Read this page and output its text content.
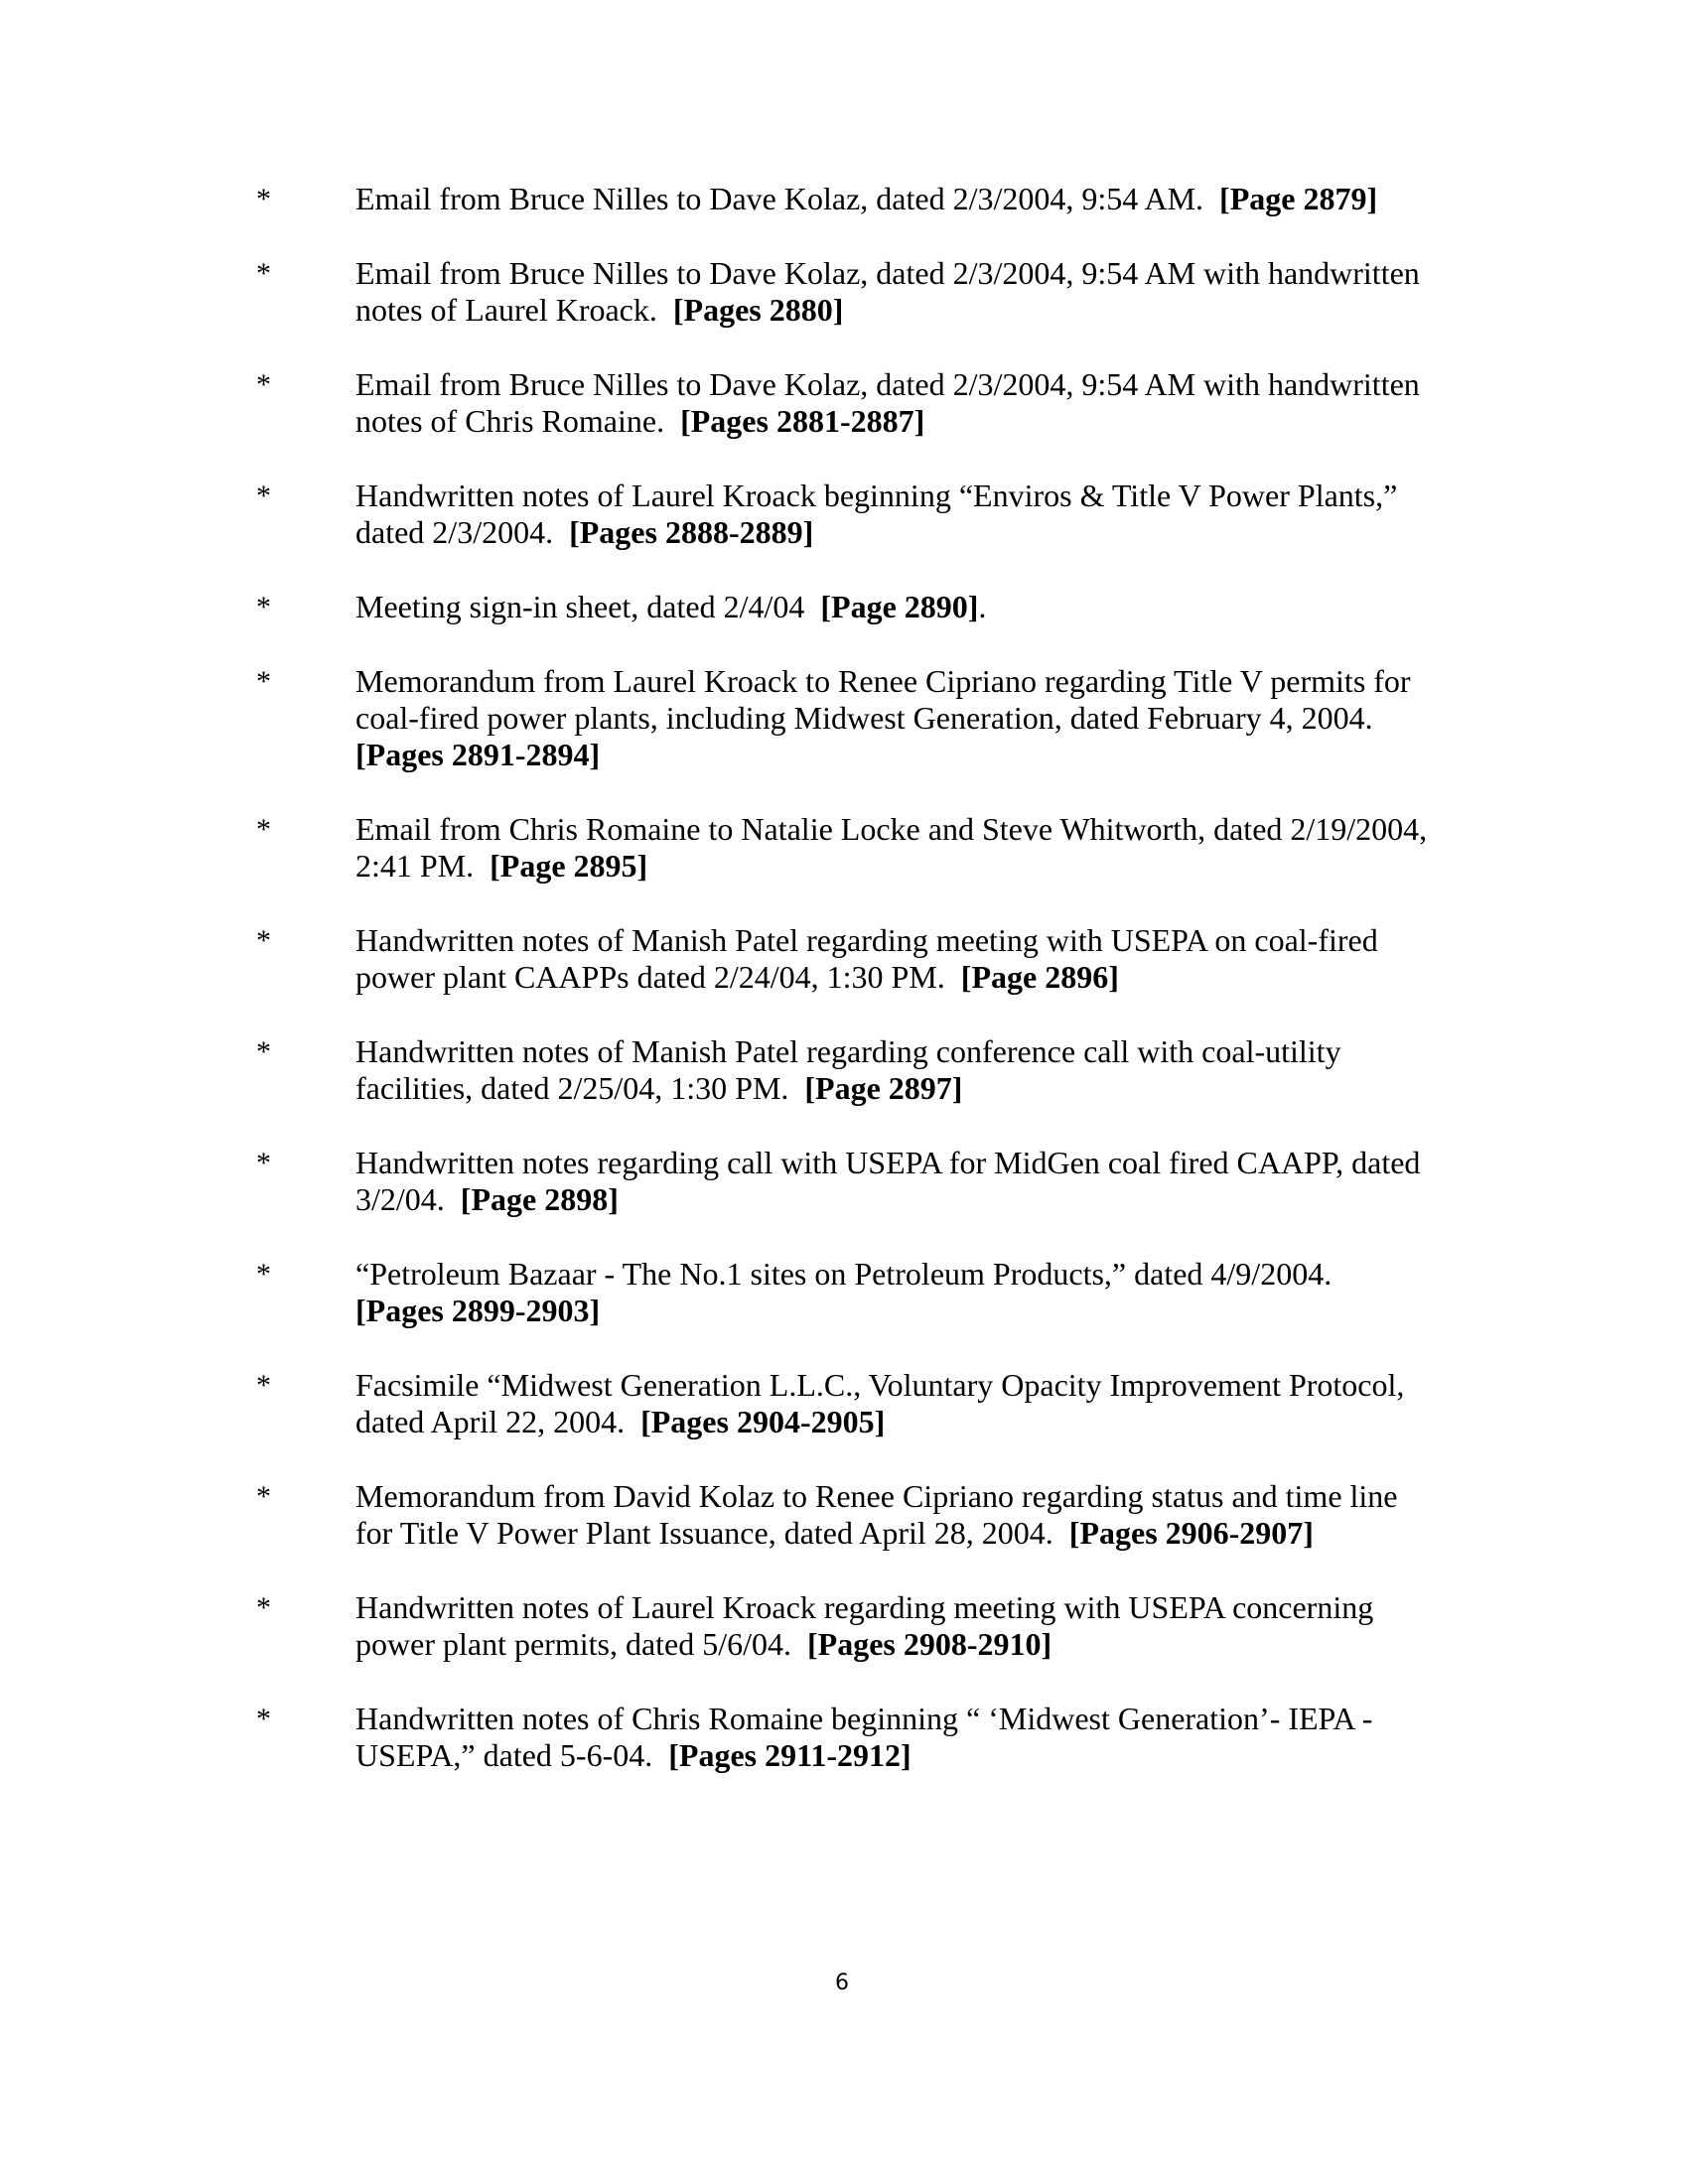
*	Email from Bruce Nilles to Dave Kolaz, dated 2/3/2004, 9:54 AM. [Page 2879]
*	Email from Bruce Nilles to Dave Kolaz, dated 2/3/2004, 9:54 AM with handwritten notes of Laurel Kroack. [Pages 2880]
*	Email from Bruce Nilles to Dave Kolaz, dated 2/3/2004, 9:54 AM with handwritten notes of Chris Romaine. [Pages 2881-2887]
*	Handwritten notes of Laurel Kroack beginning “Enviros & Title V Power Plants,” dated 2/3/2004. [Pages 2888-2889]
*	Meeting sign-in sheet, dated 2/4/04 [Page 2890].
*	Memorandum from Laurel Kroack to Renee Cipriano regarding Title V permits for coal-fired power plants, including Midwest Generation, dated February 4, 2004.  [Pages 2891-2894]
*	Email from Chris Romaine to Natalie Locke and Steve Whitworth, dated 2/19/2004, 2:41 PM. [Page 2895]
*	Handwritten notes of Manish Patel regarding meeting with USEPA on coal-fired power plant CAAPPs dated 2/24/04, 1:30 PM. [Page 2896]
*	Handwritten notes of Manish Patel regarding conference call with coal-utility facilities, dated 2/25/04, 1:30 PM. [Page 2897]
*	Handwritten notes regarding call with USEPA for MidGen coal fired CAAPP, dated 3/2/04. [Page 2898]
*	“Petroleum Bazaar - The No.1 sites on Petroleum Products,” dated 4/9/2004.  [Pages 2899-2903]
*	Facsimile “Midwest Generation L.L.C., Voluntary Opacity Improvement Protocol, dated April 22, 2004. [Pages 2904-2905]
*	Memorandum from David Kolaz to Renee Cipriano regarding status and time line for Title V Power Plant Issuance, dated April 28, 2004. [Pages 2906-2907]
*	Handwritten notes of Laurel Kroack regarding meeting with USEPA concerning power plant permits, dated 5/6/04. [Pages 2908-2910]
*	Handwritten notes of Chris Romaine beginning “ ‘Midwest Generation’- IEPA - USEPA,” dated 5-6-04. [Pages 2911-2912]
6
